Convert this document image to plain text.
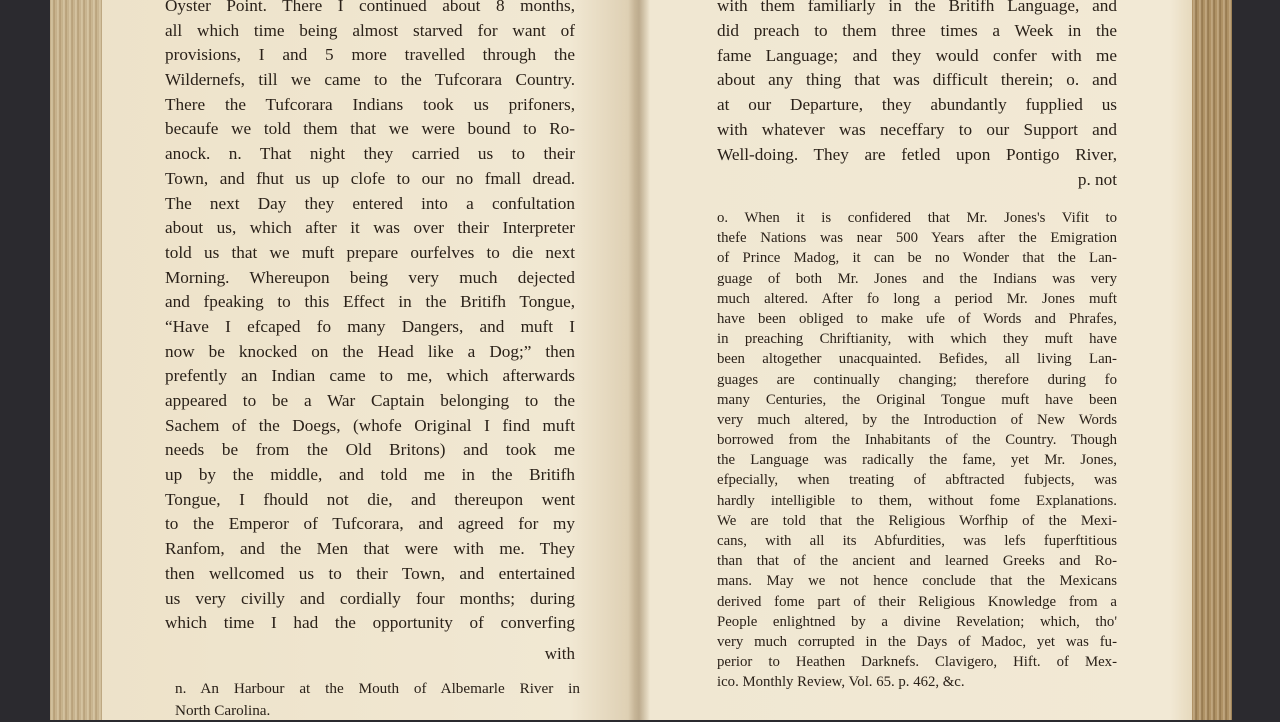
Oyster Point. There I continued about 8 months,
all which time being almost starved for want of
provisions, I and 5 more travelled through the
Wildernefs, till we came to the Tufcorara Country.
There the Tufcorara Indians took us prifoners,
becaufe we told them that we were bound to Ro-
anock. n. That night they carried us to their
Town, and fhut us up clofe to our no fmall dread.
The next Day they entered into a confultation
about us, which after it was over their Interpreter
told us that we muft prepare ourfelves to die next
Morning. Whereupon being very much dejected
and fpeaking to this Effect in the Britifh Tongue,
“Have I efcaped fo many Dangers, and muft I
now be knocked on the Head like a Dog;” then
prefently an Indian came to me, which afterwards
appeared to be a War Captain belonging to the
Sachem of the Doegs, (whofe Original I find muft
needs be from the Old Britons) and took me
up by the middle, and told me in the Britifh
Tongue, I fhould not die, and thereupon went
to the Emperor of Tufcorara, and agreed for my
Ranfom, and the Men that were with me. They
then wellcomed us to their Town, and entertained
us very civilly and cordially four months; during
which time I had the opportunity of converfing
with
n. An Harbour at the Mouth of Albemarle River in
North Carolina.
with them familiarly in the Britifh Language, and
did preach to them three times a Week in the
fame Language; and they would confer with me
about any thing that was difficult therein; o. and
at our Departure, they abundantly fupplied us
with whatever was neceffary to our Support and
Well-doing. They are fetled upon Pontigo River,
p. not
o. When it is confidered that Mr. Jones's Vifit to
thefe Nations was near 500 Years after the Emigration
of Prince Madog, it can be no Wonder that the Lan-
guage of both Mr. Jones and the Indians was very
much altered. After fo long a period Mr. Jones muft
have been obliged to make ufe of Words and Phrafes,
in preaching Chriftianity, with which they muft have
been altogether unacquainted. Befides, all living Lan-
guages are continually changing; therefore during fo
many Centuries, the Original Tongue muft have been
very much altered, by the Introduction of New Words
borrowed from the Inhabitants of the Country. Though
the Language was radically the fame, yet Mr. Jones,
efpecially, when treating of abftracted fubjects, was
hardly intelligible to them, without fome Explanations.
We are told that the Religious Worfhip of the Mexi-
cans, with all its Abfurdities, was lefs fuperftitious
than that of the ancient and learned Greeks and Ro-
mans. May we not hence conclude that the Mexicans
derived fome part of their Religious Knowledge from a
People enlightned by a divine Revelation; which, tho'
very much corrupted in the Days of Madoc, yet was fu-
perior to Heathen Darknefs. Clavigero, Hift. of Mex-
ico. Monthly Review, Vol. 65. p. 462, &c.
